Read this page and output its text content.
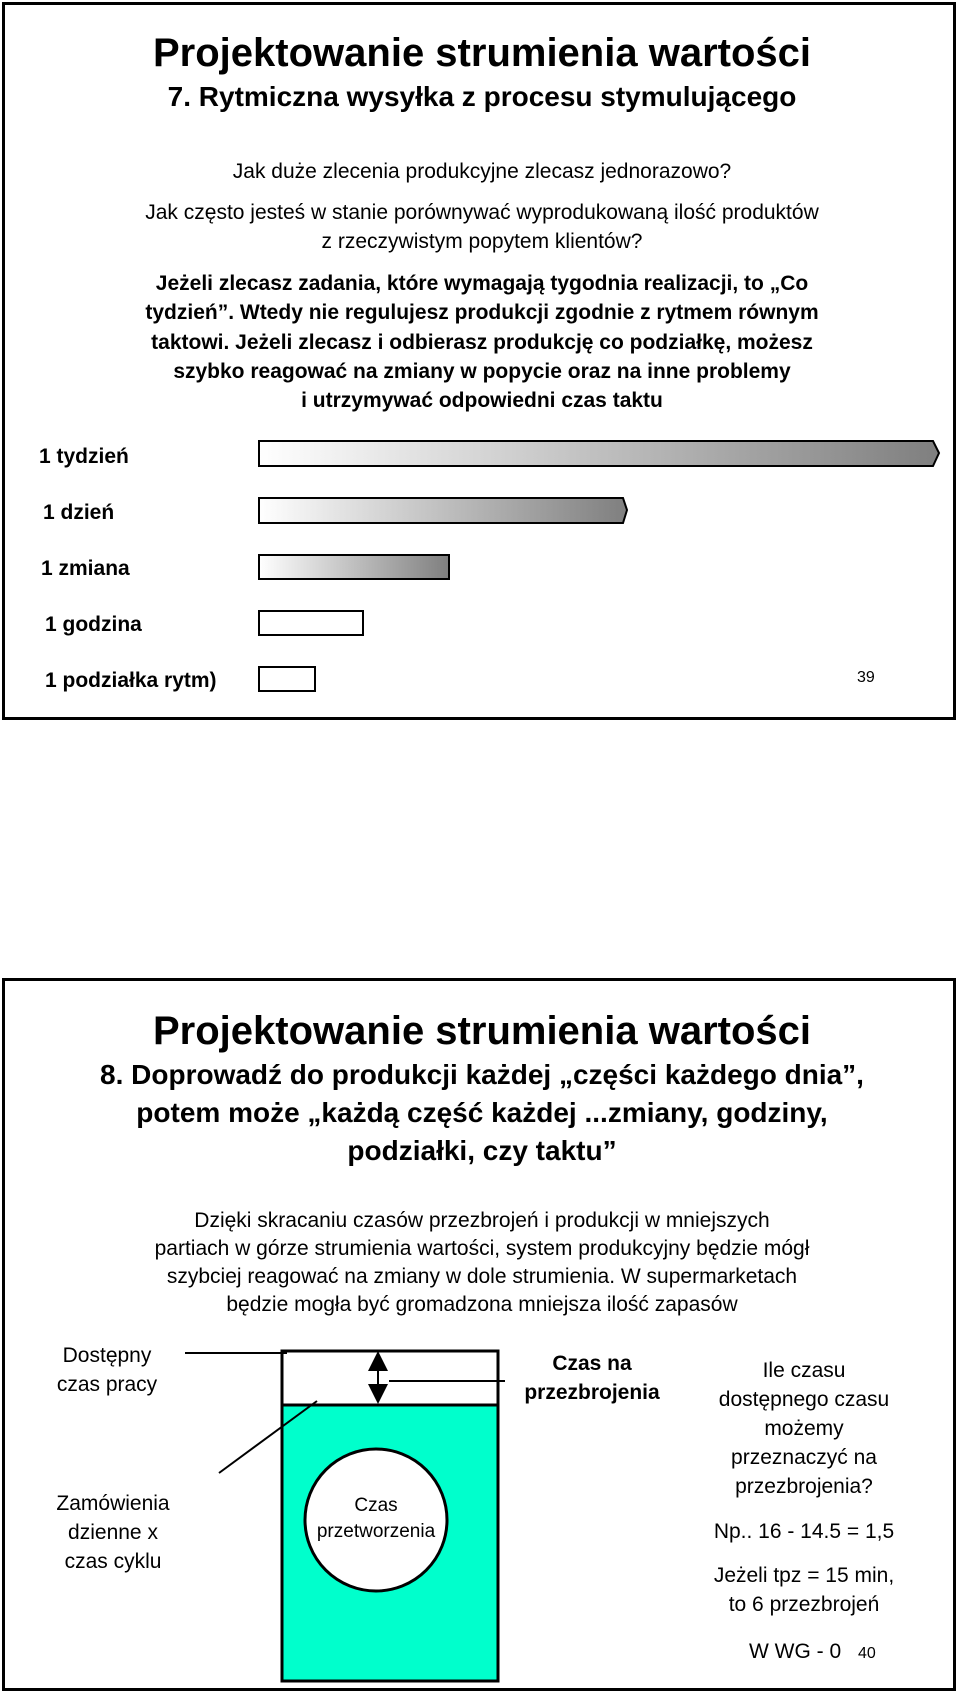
Projektowanie strumienia wartości
7. Rytmiczna wysyłka z procesu stymulującego
Jak duże zlecenia produkcyjne zlecasz jednorazowo?
Jak często jesteś w stanie porównywać wyprodukowaną ilość produktów
z rzeczywistym popytem klientów?
Jeżeli zlecasz zadania, które wymagają tygodnia realizacji, to „Co
tydzień”. Wtedy nie regulujesz produkcji zgodnie z rytmem równym
taktowi. Jeżeli zlecasz i odbierasz produkcję co podziałkę, możesz
szybko reagować na zmiany w popycie oraz na inne problemy
i utrzymywać odpowiedni czas taktu
1 tydzień
1 dzień
1 zmiana
1 godzina
1 podziałka rytm)	39
Projektowanie strumienia wartości
8. Doprowadź do produkcji każdej „części każdego dnia”,
potem może „każdą część każdej ...zmiany, godziny,
podziałki, czy taktu”
Dzięki skracaniu czasów przezbrojeń i produkcji w mniejszych
partiach w górze strumienia wartości, system produkcyjny będzie mógł
szybciej reagować na zmiany w dole strumienia. W supermarketach
będzie mogła być gromadzona mniejsza ilość zapasów
Dostępny
czas pracy
Zamówienia
dzienne x
czas cyklu
Czas na
przezbrojenia
Czas
przetworzenia
Ile czasu
dostępnego czasu
możemy
przeznaczyć na
przezbrojenia?
Np.. 16 - 14.5 = 1,5
Jeżeli tpz = 15 min,
to 6 przezbrojeń
W WG - 0 40
